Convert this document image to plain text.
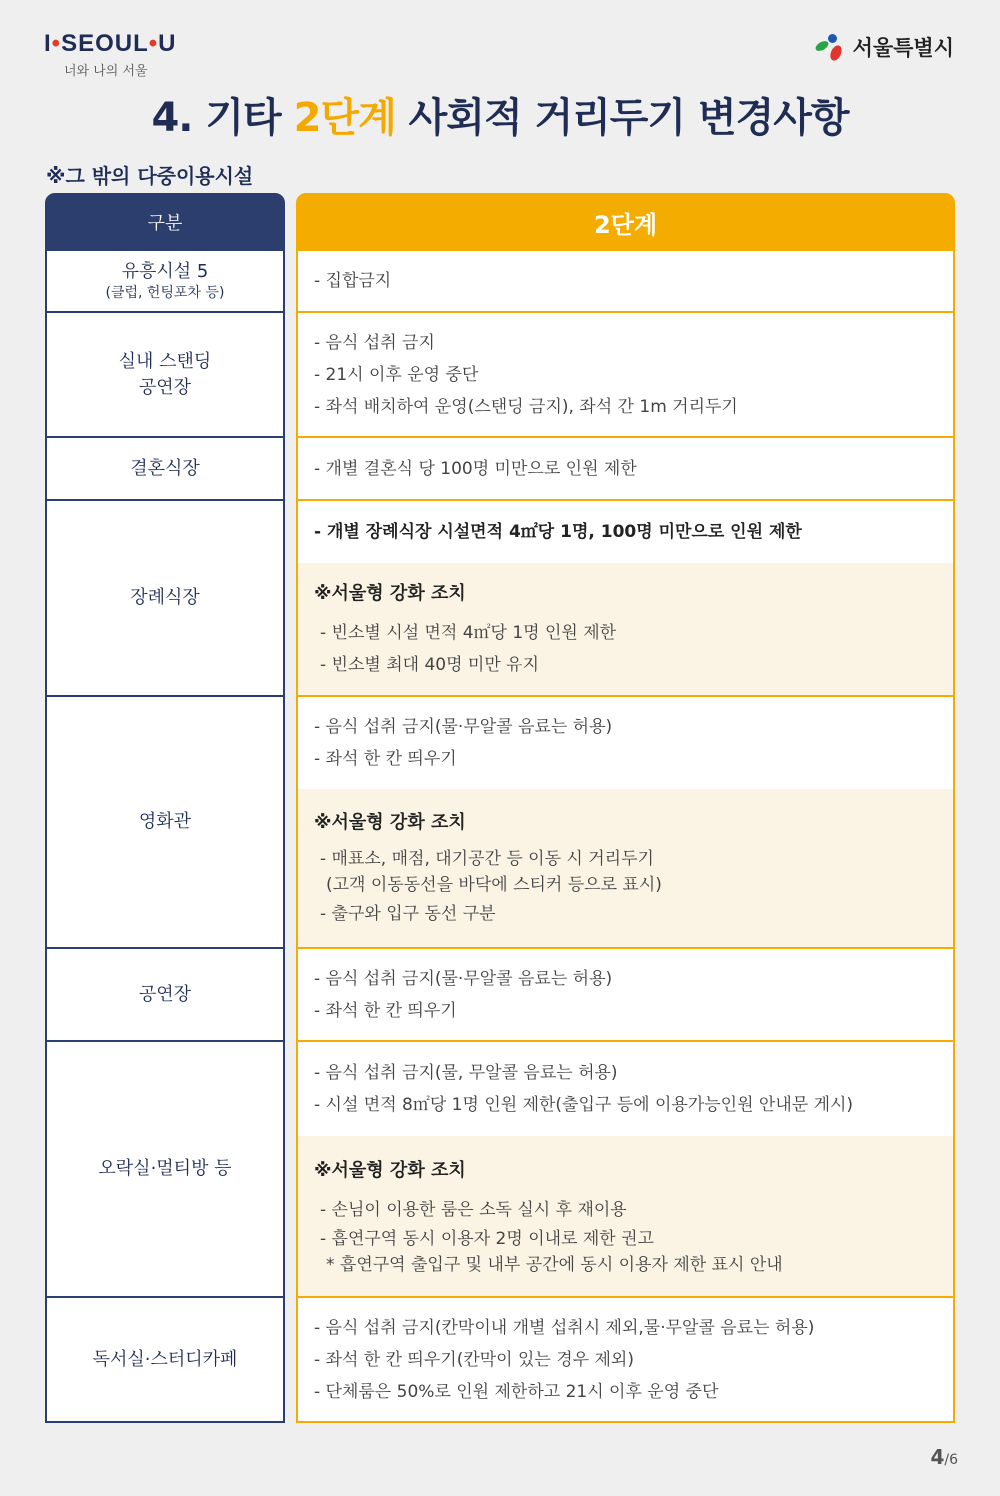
I•SEOUL•U
너와 나의 서울
서울특별시
4. 기타 2단계 사회적 거리두기 변경사항
※그 밖의 다중이용시설
구분
유흥시설 5
(클럽, 헌팅포차 등)
실내 스탠딩
공연장
결혼식장
장례식장
영화관
공연장
오락실·멀티방 등
독서실·스터디카페
2단계
- 집합금지
- 음식 섭취 금지
- 21시 이후 운영 중단
- 좌석 배치하여 운영(스탠딩 금지), 좌석 간 1m 거리두기
- 개별 결혼식 당 100명 미만으로 인원 제한
- 개별 장례식장 시설면적 4㎡당 1명, 100명 미만으로 인원 제한
※서울형 강화 조치
- 빈소별 시설 면적 4㎡당 1명 인원 제한
- 빈소별 최대 40명 미만 유지
- 음식 섭취 금지(물·무알콜 음료는 허용)
- 좌석 한 칸 띄우기
※서울형 강화 조치
- 매표소, 매점, 대기공간 등 이동 시 거리두기
(고객 이동동선을 바닥에 스티커 등으로 표시)
- 출구와 입구 동선 구분
- 음식 섭취 금지(물·무알콜 음료는 허용)
- 좌석 한 칸 띄우기
- 음식 섭취 금지(물, 무알콜 음료는 허용)
- 시설 면적 8㎡당 1명 인원 제한(출입구 등에 이용가능인원 안내문 게시)
※서울형 강화 조치
- 손님이 이용한 룸은 소독 실시 후 재이용
- 흡연구역 동시 이용자 2명 이내로 제한 권고
* 흡연구역 출입구 및 내부 공간에 동시 이용자 제한 표시 안내
- 음식 섭취 금지(칸막이내 개별 섭취시 제외,물·무알콜 음료는 허용)
- 좌석 한 칸 띄우기(칸막이 있는 경우 제외)
- 단체룸은 50%로 인원 제한하고 21시 이후 운영 중단
4/6
